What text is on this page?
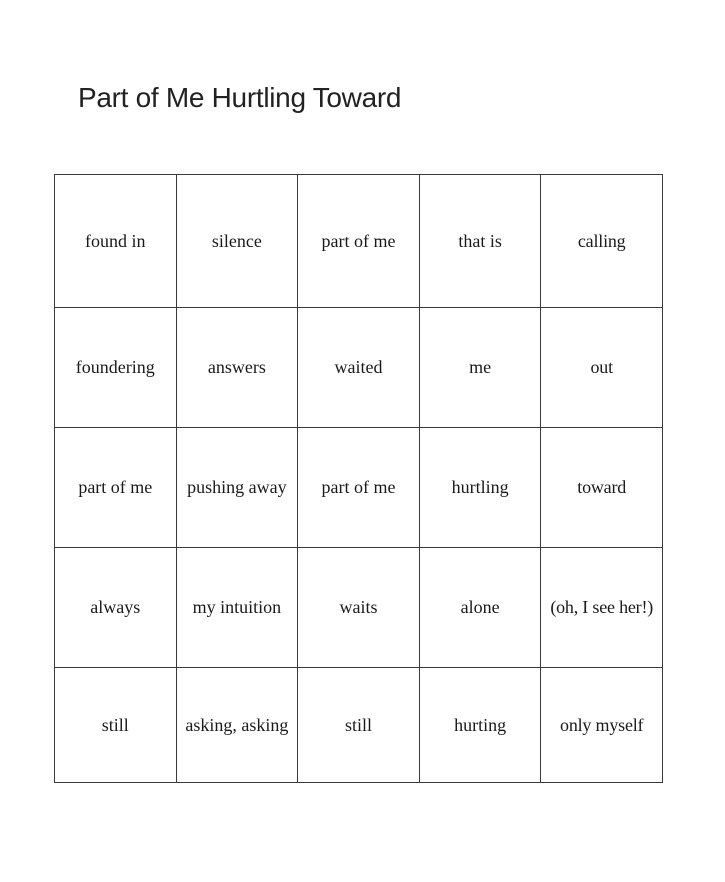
Part of Me Hurtling Toward
found in	silence	part of me	that is	calling
foundering	answers	waited	me	out
part of me	pushing away	part of me	hurtling	toward
always	my intuition	waits	alone	(oh, I see her!)
still	asking, asking	still	hurting	only myself
